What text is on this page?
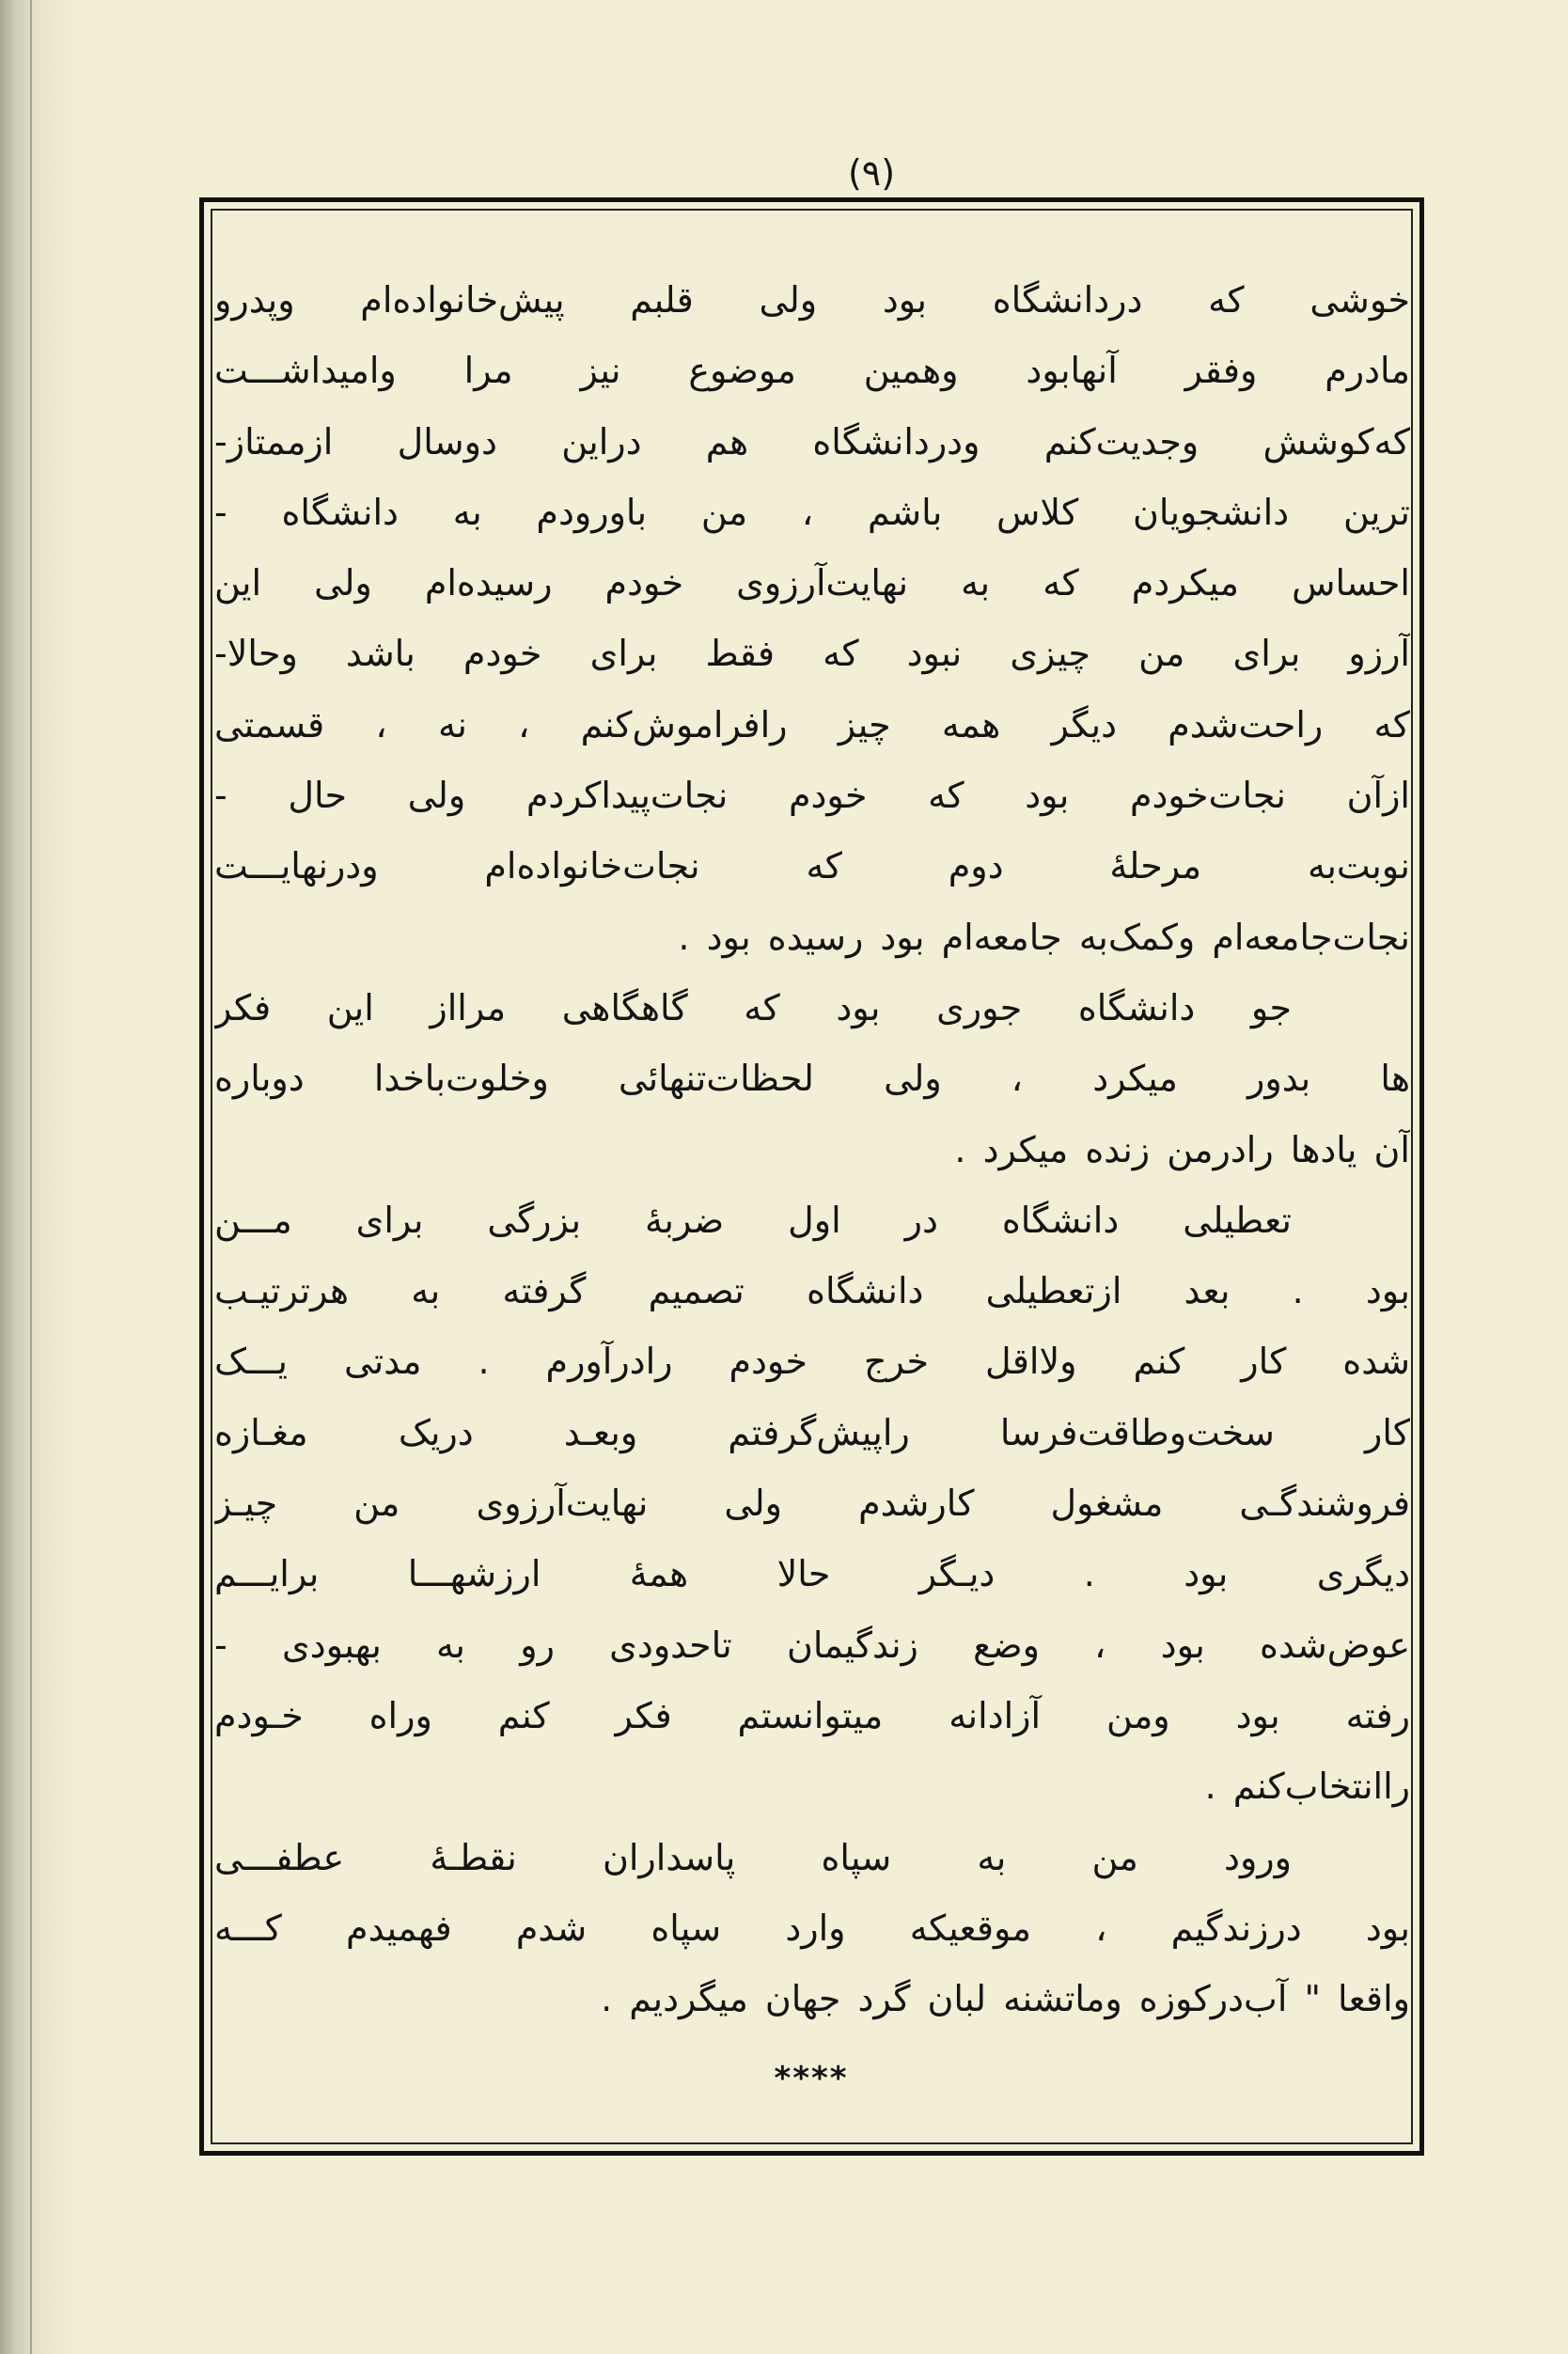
(۹)
خوشی که دردانشگاه بود ولی قلبم پیش‌خانواده‌ام وپدرو
مادرم وفقر آنهابود وهمین موضوع نیز مرا وامیداشـــت
که‌کوشش وجدیت‌کنم ودردانشگاه هم دراین دوسال ازممتاز-
ترین دانشجویان کلاس باشم ، من باورودم به دانشگاه -
احساس میکردم که به نهایت‌آرزوی خودم رسیده‌ام ولی این
آرزو برای من چیزی نبود که فقط برای خودم باشد وحالا-
که راحت‌شدم دیگر همه چیز رافراموش‌کنم ، نه ، قسمتی
ازآن نجات‌خودم بود که خودم نجات‌پیداکردم ولی حال -
نوبت‌به مرحلهٔ دوم که نجات‌خانواده‌ام ودرنهایـــت
نجات‌جامعه‌ام وکمک‌به جامعه‌ام بود رسیده بود .
جو دانشگاه جوری بود که گاهگاهی مرااز این فکر
ها بدور میکرد ، ولی لحظات‌تنهائی وخلوت‌باخدا دوباره
آن یادها رادرمن زنده میکرد .
تعطیلی دانشگاه در اول ضربهٔ بزرگی برای مـــن
بود . بعد ازتعطیلی دانشگاه تصمیم گرفته به هرترتیـب
شده کار کنم ولااقل خرج خودم رادرآورم . مدتی یـــک
کار سخت‌وطاقت‌فرسا راپیش‌گرفتم وبعـد دریک مغـازه
فروشندگـی مشغول کارشدم ولی نهایت‌آرزوی من چیـز
دیگری بود . دیـگر حالا همهٔ ارزشهـــا برایـــم
عوض‌شده بود ، وضع زندگیمان تاحدودی رو به بهبودی -
رفته بود ومن آزادانه میتوانستم فکر کنم وراه خـودم
راانتخاب‌کنم .
ورود من به سپاه پاسداران نقطـهٔ عطفـــی
بود درزندگیم ، موقعیکه وارد سپاه شدم فهمیدم کـــه
واقعا " آب‌درکوزه وماتشنه لبان گرد جهان میگردیم .
****
